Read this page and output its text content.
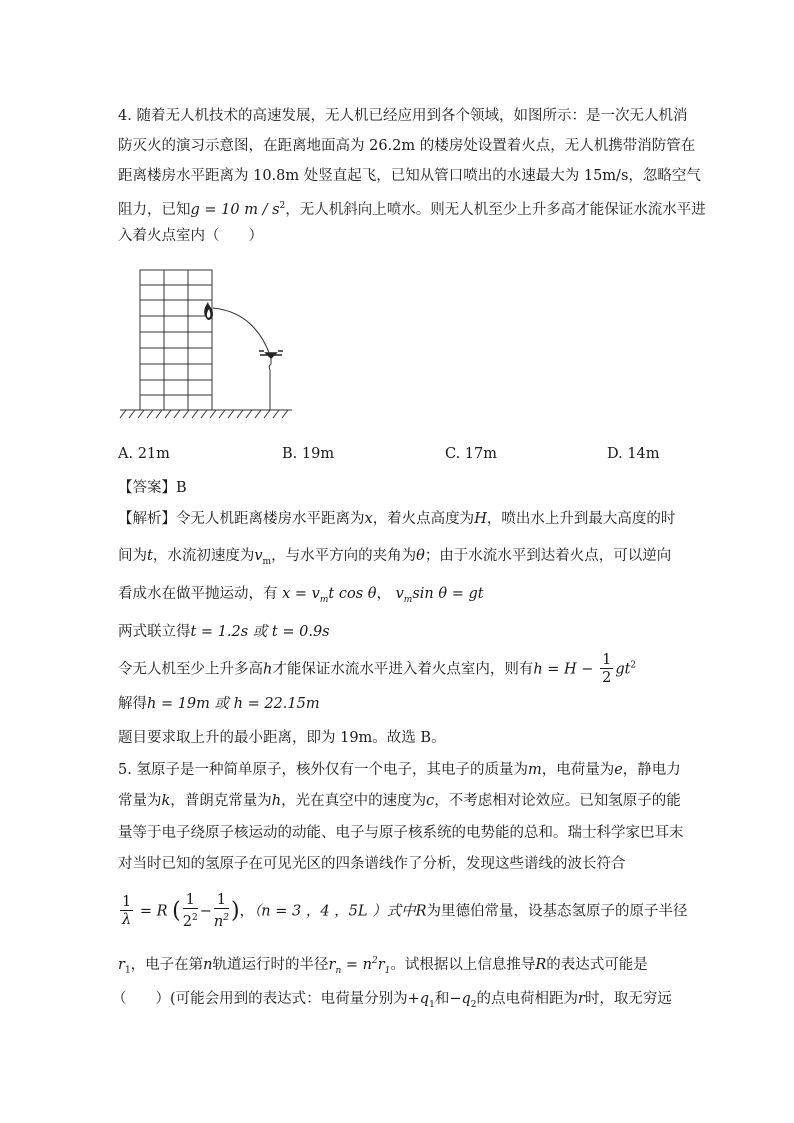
4. 随着无人机技术的高速发展，无人机已经应用到各个领域，如图所示：是一次无人机消
防灭火的演习示意图，在距离地面高为 26.2m 的楼房处设置着火点，无人机携带消防管在
距离楼房水平距离为 10.8m 处竖直起飞，已知从管口喷出的水速最大为 15m/s，忽略空气
阻力，已知g = 10 m / $s^2$，无人机斜向上喷水。则无人机至少上升多高才能保证水流水平进
入着火点室内（　　）
A. 21m	B. 19m	C. 17m	D. 14m
【答案】B
【解析】令无人机距离楼房水平距离为x，着火点高度为H，喷出水上升到最大高度的时
间为t，水流初速度为$v_m$，与水平方向的夹角为θ；由于水流水平到达着火点，可以逆向
看成水在做平抛运动，有 $x = v_mt$ cos θ， $v_m\sin$ θ = gt
两式联立得t = 1.2s 或 t = 0.9s
令无人机至少上升多高h才能保证水流水平进入着火点室内，则有$h = H - \frac{1}{2} gt^2$
解得h = 19m 或 h = 22.15m
题目要求取上升的最小距离，即为 19m。故选 B。
5. 氢原子是一种简单原子，核外仅有一个电子，其电子的质量为m，电荷量为e，静电力
常量为k，普朗克常量为h，光在真空中的速度为c，不考虑相对论效应。已知氢原子的能
量等于电子绕原子核运动的动能、电子与原子核系统的电势能的总和。瑞士科学家巴耳末
对当时已知的氢原子在可见光区的四条谱线作了分析，发现这些谱线的波长符合
$\frac{1}{\lambda} = R$ ( $\frac{1}{2^2} - \frac{1}{n^2}$ )，（n = 3 ，4 ，5L ）式中R为里德伯常量，设基态氢原子的原子半径
$r_1$，电子在第n轨道运行时的半径$r_n = n^2r_1$。试根据以上信息推导R的表达式可能是
（　　）(可能会用到的表达式：电荷量分别为$+q_1$和$-q_2$的点电荷相距为r时，取无穷远
